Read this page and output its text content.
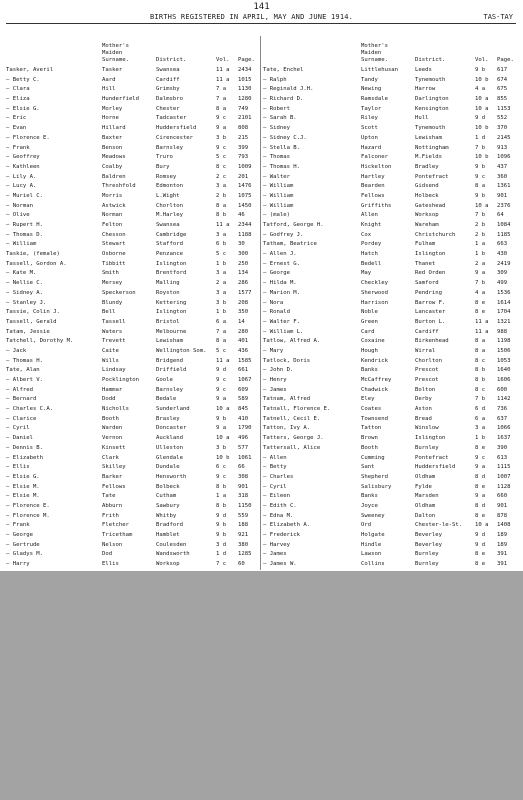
141
BIRTHS REGISTERED IN APRIL, MAY AND JUNE 1914.	TAS-TAY
Mother's
Maiden
Surname.	District.	Vol.	Page.
Tasker, Averil	Tasker	Swansea	11 a	2434
— Betty C.	Aard	Cardiff	11 a	1015
— Clara	Hill	Grimsby	7 a	1130
— Eliza	Hunderfield	Dalmsbro	7 a	1280
— Elsie G.	Morley	Chester	8 a	749
— Eric	Horne	Tadcaster	9 c	2101
— Evan	Hillard	Huddersfield	9 a	808
— Florence E.	Baxter	Cirencester	3 b	215
— Frank	Benson	Barnsley	9 c	399
— Geoffrey	Meadows	Truro	5 c	793
— Kathleen	Coalby	Bury	8 c	1009
— Lily A.	Baldren	Romsey	2 c	201
— Lucy A.	Threshfold	Edmonton	3 a	1476
— Muriel C.	Morris	L.Wight	2 b	1075
— Norman	Astwick	Chorlton	8 a	1450
— Olive	Norman	M.Harley	8 b	46
— Rupert H.	Felton	Swansea	11 a	2344
— Thomas D.	Chesson	Cambridge	3 a	1188
— William	Stewart	Stafford	6 b	30
Taskie, (female)	Osborne	Penzance	5 c	300
Tassell, Gordon A.	Tibbitt	Islington	1 b	250
— Kate M.	Smith	Brentford	3 a	134
— Nellie C.	Mersey	Malling	2 a	286
— Sidney A.	Speckerson	Royston	3 a	1577
— Stanley J.	Blundy	Kettering	3 b	208
Tassie, Colin J.	Bell	Islington	1 b	350
Tassell, Gerald	Tassell	Bristol	6 a	14
Tatam, Jessie	Waters	Melbourne	7 a	280
Tatchell, Dorothy M.	Trevett	Lewisham	8 a	401
— Jack	Caite	Wellington Som.	5 c	436
— Thomas H.	Wills	Bridgend	11 a	1585
Tate, Alan	Lindsay	Driffield	9 d	661
— Albert V.	Pocklington	Goole	9 c	1067
— Alfred	Hammar	Barnsley	9 c	609
— Bernard	Dodd	Bedale	9 a	589
— Charles C.A.	Nicholls	Sunderland	10 a	845
— Clarice	Booth	Brasley	9 b	410
— Cyril	Warden	Doncaster	9 a	1790
— Daniel	Vernon	Auckland	10 a	496
— Dennis B.	Kinsett	Ulleston	3 b	577
— Elizabeth	Clark	Glendale	10 b	1061
— Ellis	Skilley	Dundale	6 c	66
— Elsie G.	Barker	Hensworth	9 c	308
— Elsie M.	Fellows	Bolbeck	8 b	901
— Elsie M.	Tate	Cutham	1 a	318
— Florence E.	Abburn	Sawbury	8 b	1150
— Florence M.	Frith	Whitby	9 d	559
— Frank	Fletcher	Bradford	9 b	188
— George	Tricetham	Hamblet	9 b	921
— Gertrude	Nelson	Coulesden	3 d	380
— Gladys M.	Dod	Wandsworth	1 d	1285
— Harry	Ellis	Worksop	7 c	60
Mother's
Maiden
Surname.	District.	Vol.	Page.
Tate, Enchel	Littlehusan	Leeds	9 b	617
— Ralph	Tandy	Tynemouth	10 b	674
— Reginald J.H.	Newing	Harrow	4 a	675
— Richard D.	Ramsdale	Darlington	10 a	855
— Robert	Taylor	Kensington	10 a	1153
— Sarah B.	Riley	Hull	9 d	552
— Sidney	Scott	Tynemouth	10 b	370
— Sidney C.J.	Upton	Lewisham	1 d	2145
— Stella B.	Hazard	Nottingham	7 b	913
— Thomas	Falconer	M.Fields	10 b	1096
— Thomas H.	Hickelton	Bradley	9 b	437
— Walter	Hartley	Pontefract	9 c	360
— William	Bearden	Gidsend	8 a	1361
— William	Fellows	Holbeck	9 b	901
— William	Griffiths	Gateshead	10 a	2376
— (male)	Allen	Worksop	7 b	64
Tatford, George H.	Knight	Wareham	2 b	1084
— Godfrey J.	Cox	Christchurch	2 b	1185
Tatham, Beatrice	Pordey	Fulham	1 a	663
— Allen J.	Hatch	Islington	1 b	430
— Ernest G.	Bedell	Thanet	2 a	2419
— George	May	Red Orden	9 a	309
— Hilda M.	Checkley	Samford	7 b	499
— Marion M.	Sherwood	Pendring	4 a	1536
— Nora	Harrison	Barrow F.	8 e	1614
— Ronald	Noble	Lancaster	8 e	1704
— Walter F.	Green	Burton L.	11 a	1321
— William L.	Card	Cardiff	11 a	988
Tatlow, Alfred A.	Coxaine	Birkenhead	8 a	1198
— Mary	Hough	Wirral	8 a	1506
Tatlock, Doris	Kendrick	Chorlton	8 c	1053
— John D.	Banks	Prescot	8 b	1640
— Henry	McCaffrey	Prescot	8 b	1606
— James	Chadwick	Bolton	8 c	600
Tatnam, Alfred	Eley	Derby	7 b	1142
Tatnall, Florence E.	Coates	Aston	6 d	736
Tatnell, Cecil E.	Townsend	Bread	6 a	637
Tatton, Ivy A.	Tatton	Winslow	3 a	1066
Tatters, George J.	Brown	Islington	1 b	1637
Tattersall, Alice	Booth	Burnley	8 e	390
— Allen	Cumming	Pontefract	9 c	613
— Betty	Sant	Huddersfield	9 a	1115
— Charles	Shepherd	Oldham	8 d	1007
— Cyril	Salisbury	Fylde	8 e	1128
— Eileen	Banks	Marsden	9 a	660
— Edith C.	Joyce	Oldham	8 d	901
— Edna M.	Sweeney	Dalton	8 e	878
— Elizabeth A.	Ord	Chester-le-St.	10 a	1408
— Frederick	Holgate	Beverley	9 d	189
— Harvey	Hindle	Beverley	9 d	189
— James	Lawson	Burnley	8 e	391
— James W.	Collins	Burnley	8 e	391
